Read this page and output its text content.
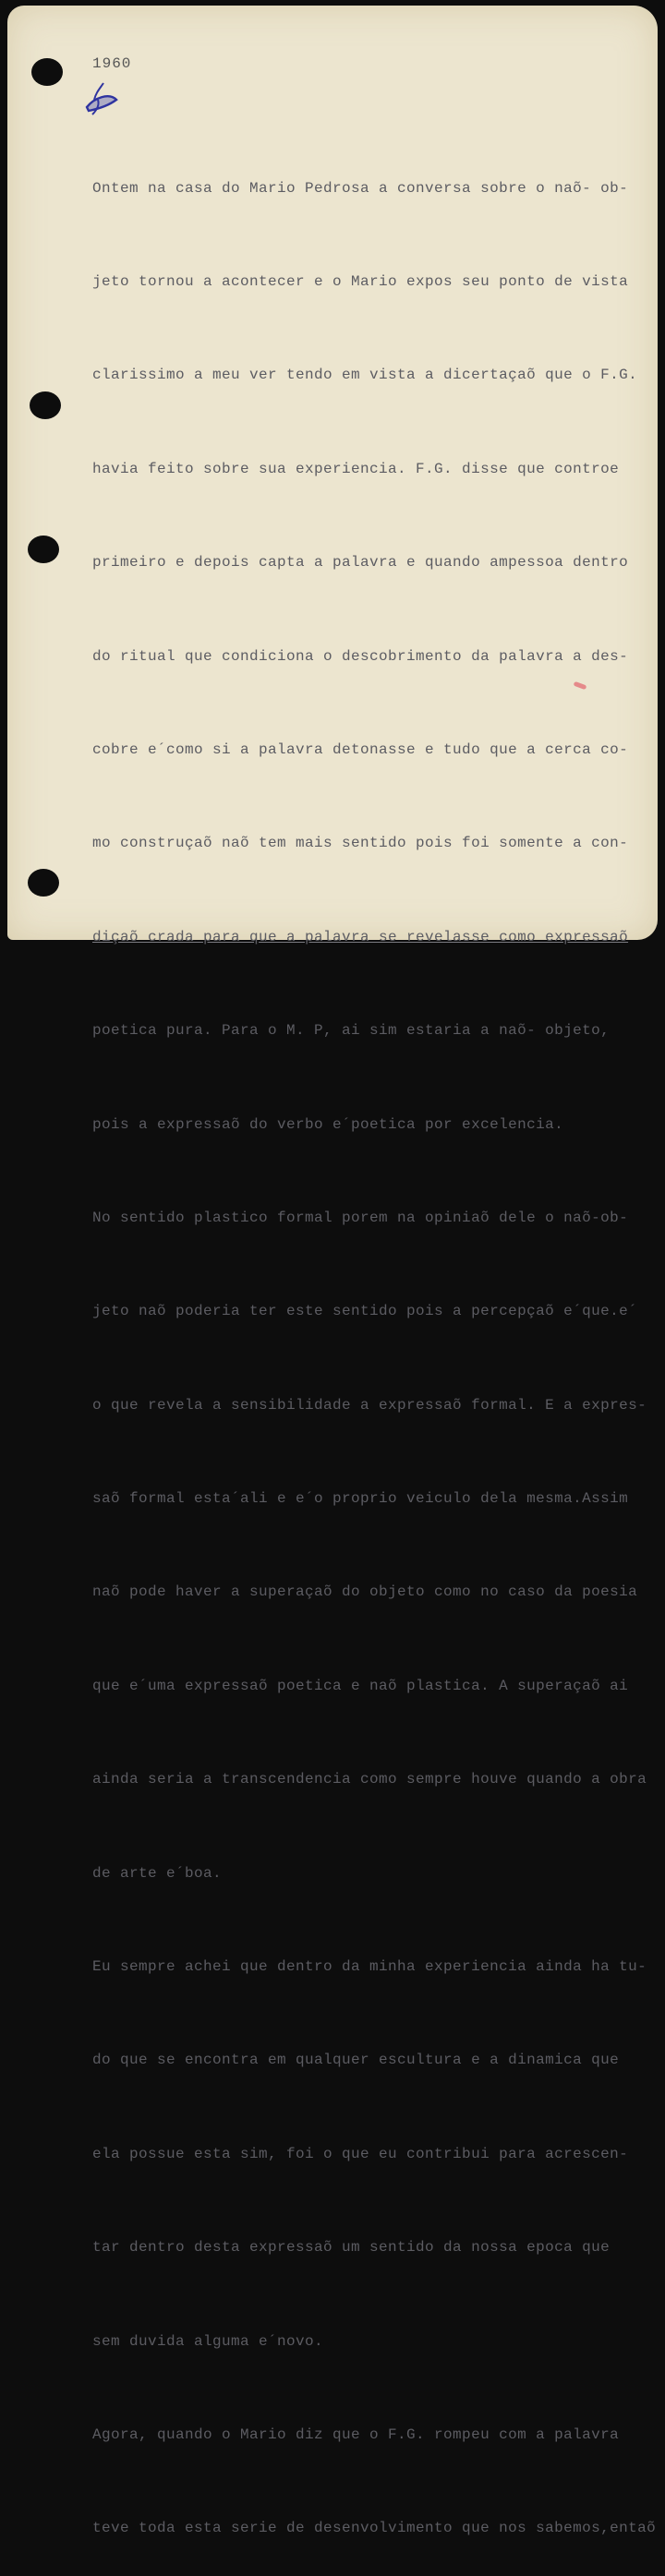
1960

Ontem na casa do Mario Pedrosa a conversa sobre o naõ- ob-

jeto tornou a acontecer e o Mario expos seu ponto de vista

clarissimo a meu ver tendo em vista a dicertaçaõ que o F.G.

havia feito sobre sua experiencia. F.G. disse que controe

primeiro e depois capta a palavra e quando ampessoa dentro

do ritual que condiciona o descobrimento da palavra a des-

cobre e´como si a palavra detonasse e tudo que a cerca co-

mo construçaõ naõ tem mais sentido pois foi somente a con-

diçaõ crada para que a palavra se revelasse como expressaõ

poetica pura. Para o M. P, ai sim estaria a naõ- objeto,

pois a expressaõ do verbo e´poetica por excelencia.

No sentido plastico formal porem na opiniaõ dele o naõ-ob-

jeto naõ poderia ter este sentido pois a percepçaõ e´que.e´

o que revela a sensibilidade a expressaõ formal. E a expres-

saõ formal esta´ali e e´o proprio veiculo dela mesma.Assim

naõ pode haver a superaçaõ do objeto como no caso da poesia

que e´uma expressaõ poetica e naõ plastica. A superaçaõ ai

ainda seria a transcendencia como sempre houve quando a obra

de arte e´boa.

Eu sempre achei que dentro da minha experiencia ainda ha tu-

do que se encontra em qualquer escultura e a dinamica que

ela possue esta sim, foi o que eu contribui para acrescen-

tar dentro desta expressaõ um sentido da nossa epoca que

sem duvida alguma e´novo.

Agora, quando o Mario diz que o F.G. rompeu com a palavra

teve toda esta serie de desenvolvimento que nos sabemos,entaõ
